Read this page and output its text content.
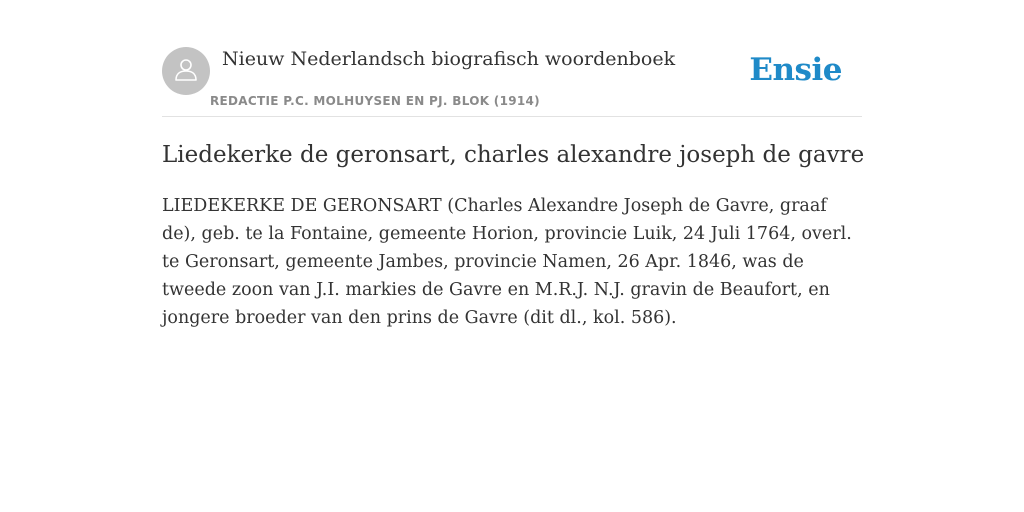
Nieuw Nederlandsch biografisch woordenboek
REDACTIE P.C. MOLHUYSEN EN PJ. BLOK (1914)
Ensie
Liedekerke de geronsart, charles alexandre joseph de gavre

LIEDEKERKE DE GERONSART (Charles Alexandre Joseph de Gavre, graaf de), geb. te la Fontaine, gemeente Horion, provincie Luik, 24 Juli 1764, overl. te Geronsart, gemeente Jambes, provincie Namen, 26 Apr. 1846, was de tweede zoon van J.I. markies de Gavre en M.R.J. N.J. gravin de Beaufort, en jongere broeder van den prins de Gavre (dit dl., kol. 586).
